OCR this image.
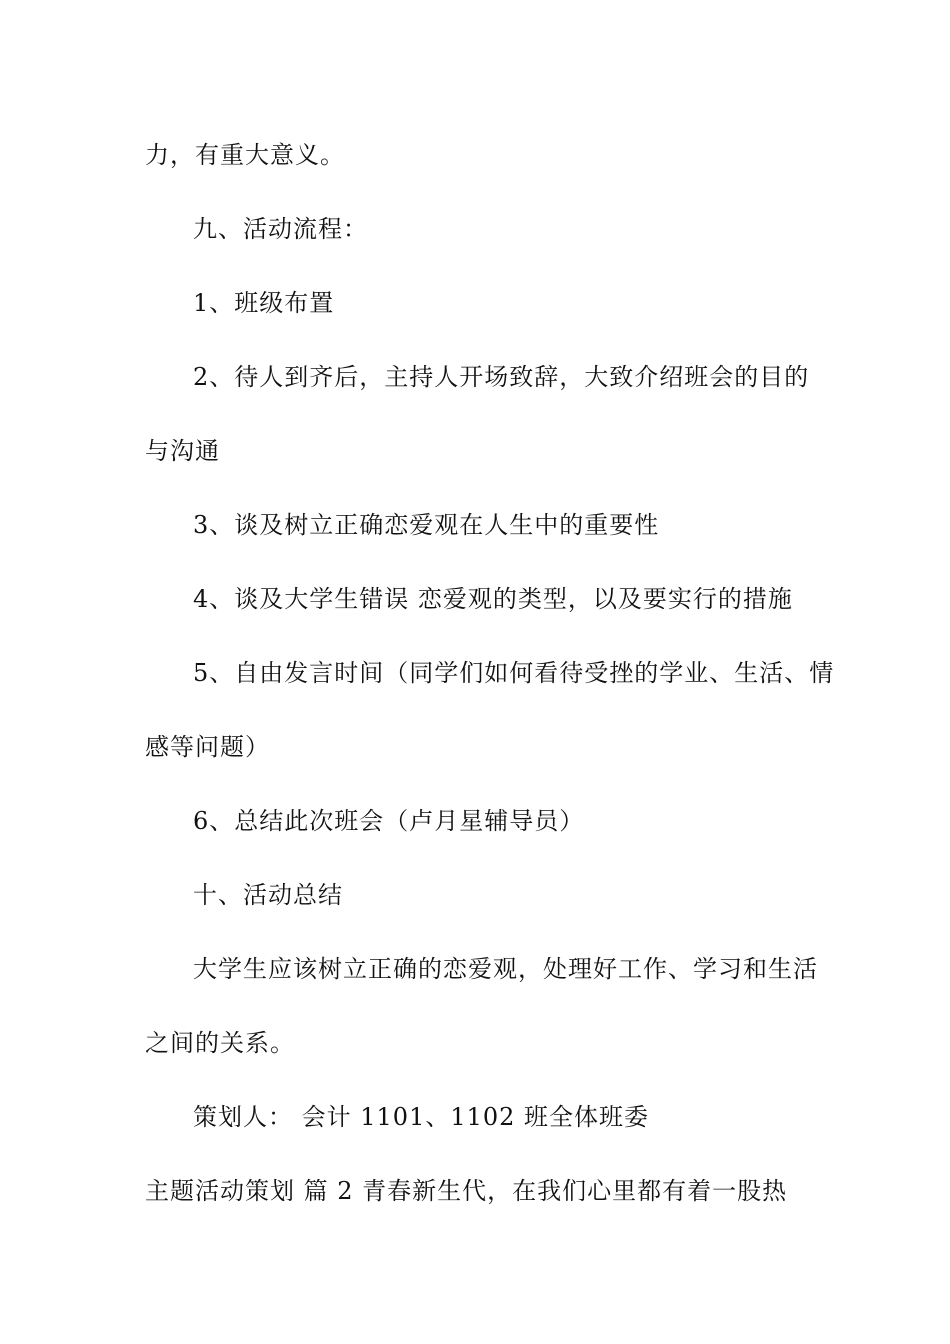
力，有重大意义。
九、活动流程：
1、班级布置
2、待人到齐后，主持人开场致辞，大致介绍班会的目的
与沟通
3、谈及树立正确恋爱观在人生中的重要性
4、谈及大学生错误 恋爱观的类型，以及要实行的措施
5、自由发言时间（同学们如何看待受挫的学业、生活、情
感等问题）
6、总结此次班会（卢月星辅导员）
十、活动总结
大学生应该树立正确的恋爱观，处理好工作、学习和生活
之间的关系。
策划人： 会计 1101、1102 班全体班委
主题活动策划 篇 2 青春新生代，在我们心里都有着一股热
